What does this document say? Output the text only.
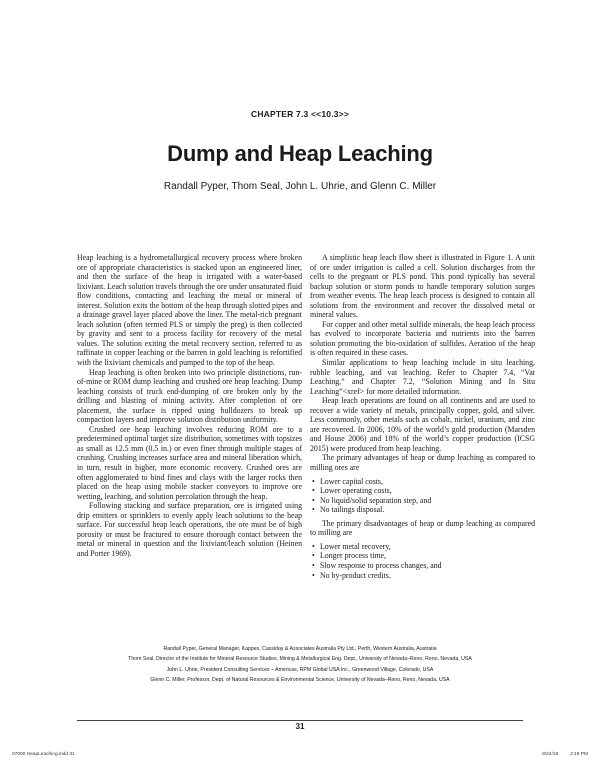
CHAPTER 7.3 <<10.3>>
Dump and Heap Leaching
Randall Pyper, Thom Seal, John L. Uhrie, and Glenn C. Miller

Heap leaching is a hydrometallurgical recovery process where broken ore of appropriate characteristics is stacked upon an engineered liner, and then the surface of the heap is irrigated with a water-based lixiviant. Leach solution travels through the ore under unsaturated fluid flow conditions, contacting and leaching the metal or mineral of interest. Solution exits the bottom of the heap through slotted pipes and a drainage gravel layer placed above the liner. The metal-rich pregnant leach solution (often termed PLS or simply the preg) is then collected by gravity and sent to a process facility for recovery of the metal values. The solution exiting the metal recovery section, referred to as raffinate in copper leaching or the barren in gold leaching is refortified with the lixiviant chemicals and pumped to the top of the heap.

Heap leaching is often broken into two principle distinctions, run-of-mine or ROM dump leaching and crushed ore heap leaching. Dump leaching consists of truck end-dumping of ore broken only by the drilling and blasting of mining activity. After completion of ore placement, the surface is ripped using bulldozers to break up compaction layers and improve solution distribution uniformity.

Crushed ore heap leaching involves reducing ROM ore to a predetermined optimal target size distribution, sometimes with topsizes as small as 12.5 mm (0.5 in.) or even finer through multiple stages of crushing. Crushing increases surface area and mineral liberation which, in turn, result in higher, more economic recovery. Crushed ores are often agglomerated to bind fines and clays with the larger rocks then placed on the heap using mobile stacker conveyors to improve ore wetting, leaching, and solution percolation through the heap.

Following stacking and surface preparation, ore is irrigated using drip emitters or sprinklers to evenly apply leach solutions to the heap surface. For successful heap leach operations, the ore must be of high porosity or must be fractured to ensure thorough contact between the metal or mineral in question and the lixiviant/leach solution (Heinen and Porter 1969).

A simplistic heap leach flow sheet is illustrated in Figure 1. A unit of ore under irrigation is called a cell. Solution discharges from the cells to the pregnant or PLS pond. This pond typically has several backup solution or storm ponds to handle temporary solution surges from weather events. The heap leach process is designed to contain all solutions from the environment and recover the dissolved metal or mineral values.

For copper and other metal sulfide minerals, the heap leach process has evolved to incorporate bacteria and nutrients into the barren solution promoting the bio-oxidation of sulfides. Aeration of the heap is often required in these cases.

Similar applications to heap leaching include in situ leaching, rubble leaching, and vat leaching. Refer to Chapter 7.4, “Vat Leaching,” and Chapter 7.2, “Solution Mining and In Situ Leaching”<xref> for more detailed information.

Heap leach operations are found on all continents and are used to recover a wide variety of metals, principally copper, gold, and silver. Less commonly, other metals such as cobalt, nickel, uranium, and zinc are recovered. In 2006, 10% of the world’s gold production (Marsden and House 2006) and 18% of the world’s copper production (ICSG 2015) were produced from heap leaching.

The primary advantages of heap or dump leaching as compared to milling ores are

• Lower capital costs,
• Lower operating costs,
• No liquid/solid separation step, and
• No tailings disposal.

The primary disadvantages of heap or dump leaching as compared to milling are

• Lower metal recovery,
• Longer process time,
• Slow response to process changes, and
• No by-product credits.
Randall Pyper, General Manager, Kappes, Cassiday & Associates Australia Pty Ltd., Perth, Western Australia, Australia
Thom Seal, Director of the Institute for Mineral Resource Studies, Mining & Metallurgical Eng. Dept., University of Nevada–Reno, Reno, Nevada, USA
John L. Uhrie, President Consulting Services – Americas, RPM Global USA Inc., Greenwood Village, Colorado, USA
Glenn C. Miller, Professor, Dept. of Natural Resources & Environmental Science, University of Nevada–Reno, Reno, Nevada, USA
31
07000 HeapLeaching.indd 31	8/22/18	2:19 PM
